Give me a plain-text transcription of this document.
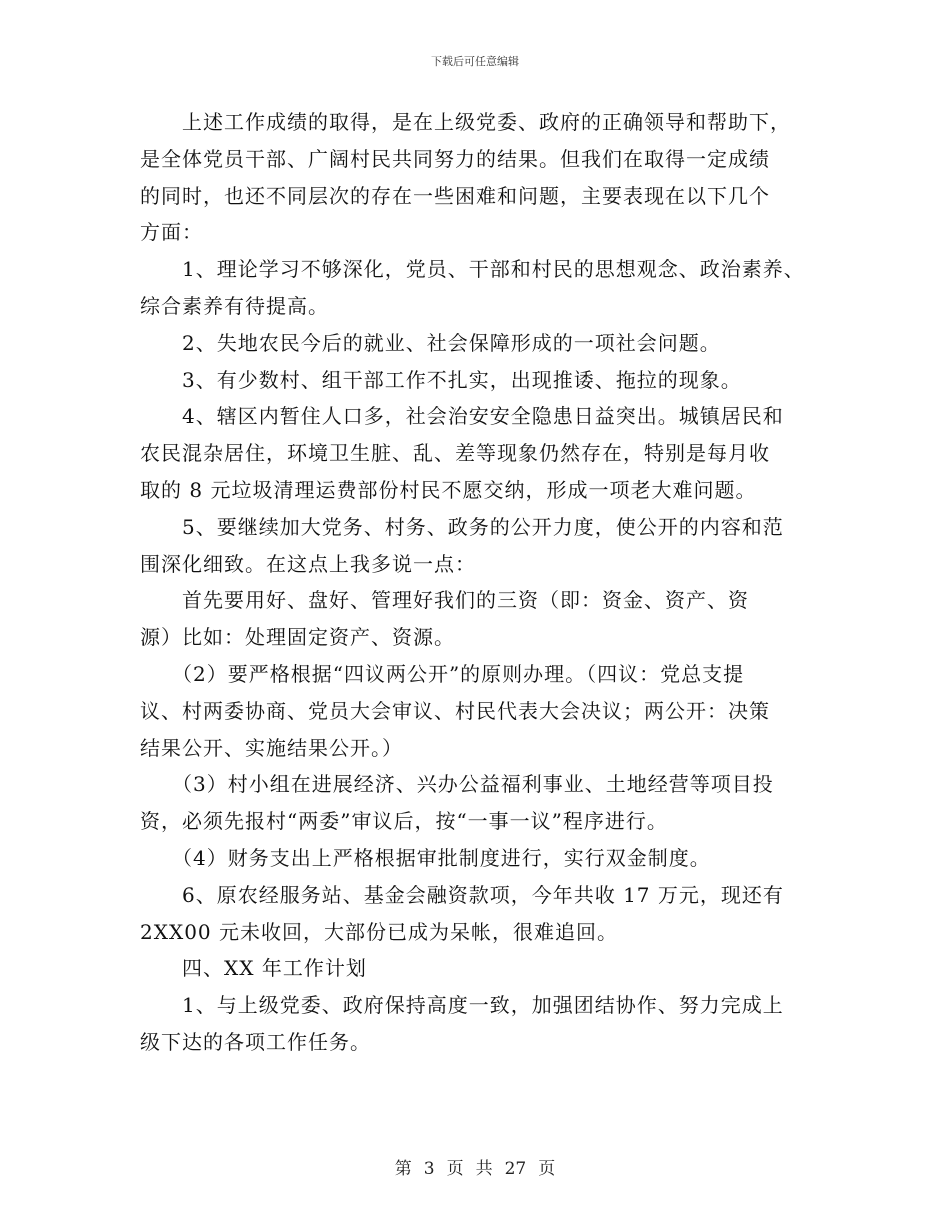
下载后可任意编辑
　　上述工作成绩的取得，是在上级党委、政府的正确领导和帮助下，
是全体党员干部、广阔村民共同努力的结果。但我们在取得一定成绩
的同时，也还不同层次的存在一些困难和问题，主要表现在以下几个
方面：
　　1、理论学习不够深化，党员、干部和村民的思想观念、政治素养、
综合素养有待提高。
　　2、失地农民今后的就业、社会保障形成的一项社会问题。
　　3、有少数村、组干部工作不扎实，出现推诿、拖拉的现象。
　　4、辖区内暂住人口多，社会治安安全隐患日益突出。城镇居民和
农民混杂居住，环境卫生脏、乱、差等现象仍然存在，特别是每月收
取的 8 元垃圾清理运费部份村民不愿交纳，形成一项老大难问题。
　　5、要继续加大党务、村务、政务的公开力度，使公开的内容和范
围深化细致。在这点上我多说一点：
　　首先要用好、盘好、管理好我们的三资（即：资金、资产、资
源）比如：处理固定资产、资源。
　　（2）要严格根据“四议两公开”的原则办理。（四议：党总支提
议、村两委协商、党员大会审议、村民代表大会决议；两公开：决策
结果公开、实施结果公开。）
　　（3）村小组在进展经济、兴办公益福利事业、土地经营等项目投
资，必须先报村“两委”审议后，按“一事一议”程序进行。
　　（4）财务支出上严格根据审批制度进行，实行双金制度。
　　6、原农经服务站、基金会融资款项，今年共收 17 万元，现还有
2XX00 元未收回，大部份已成为呆帐，很难追回。
　　四、XX 年工作计划
　　1、与上级党委、政府保持高度一致，加强团结协作、努力完成上
级下达的各项工作任务。
第 3 页 共 27 页
